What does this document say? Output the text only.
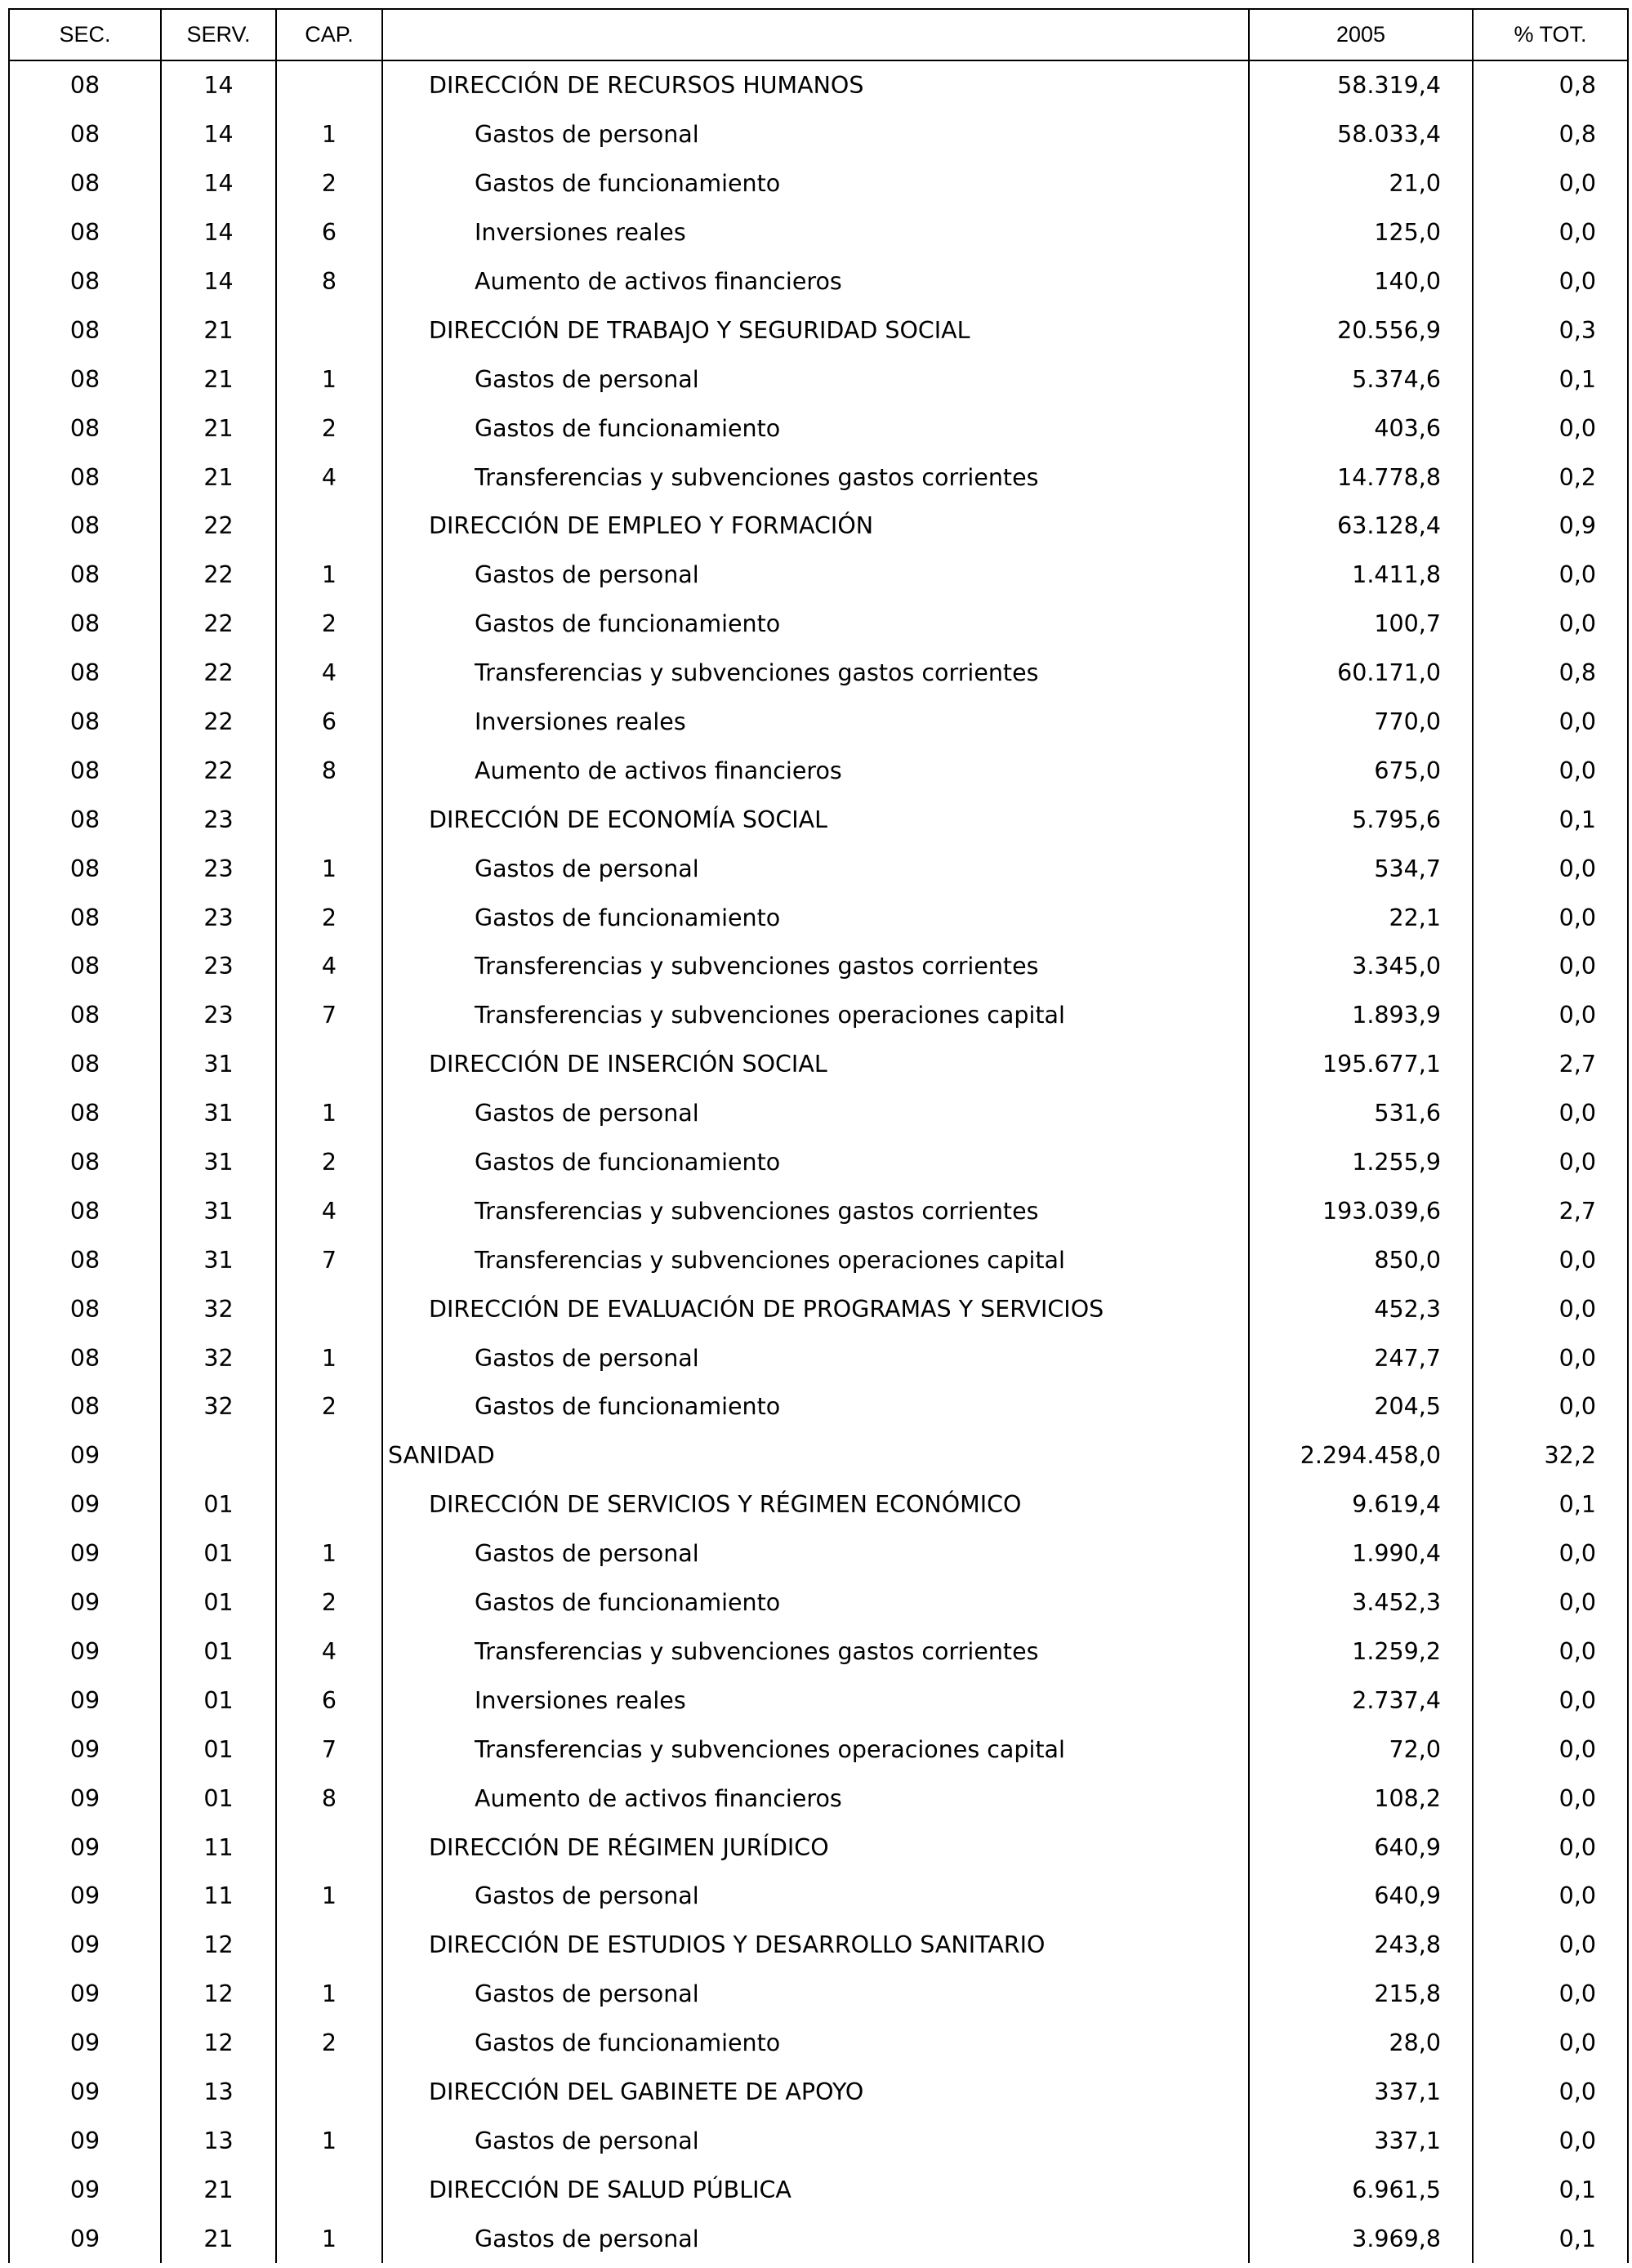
SEC.	SERV.	CAP.		2005	% TOT.
08	14		DIRECCIÓN DE RECURSOS HUMANOS	58.319,4	0,8
08	14	1	Gastos de personal	58.033,4	0,8
08	14	2	Gastos de funcionamiento	21,0	0,0
08	14	6	Inversiones reales	125,0	0,0
08	14	8	Aumento de activos financieros	140,0	0,0
08	21		DIRECCIÓN DE TRABAJO Y SEGURIDAD SOCIAL	20.556,9	0,3
08	21	1	Gastos de personal	5.374,6	0,1
08	21	2	Gastos de funcionamiento	403,6	0,0
08	21	4	Transferencias y subvenciones gastos corrientes	14.778,8	0,2
08	22		DIRECCIÓN DE EMPLEO Y FORMACIÓN	63.128,4	0,9
08	22	1	Gastos de personal	1.411,8	0,0
08	22	2	Gastos de funcionamiento	100,7	0,0
08	22	4	Transferencias y subvenciones gastos corrientes	60.171,0	0,8
08	22	6	Inversiones reales	770,0	0,0
08	22	8	Aumento de activos financieros	675,0	0,0
08	23		DIRECCIÓN DE ECONOMÍA SOCIAL	5.795,6	0,1
08	23	1	Gastos de personal	534,7	0,0
08	23	2	Gastos de funcionamiento	22,1	0,0
08	23	4	Transferencias y subvenciones gastos corrientes	3.345,0	0,0
08	23	7	Transferencias y subvenciones operaciones capital	1.893,9	0,0
08	31		DIRECCIÓN DE INSERCIÓN SOCIAL	195.677,1	2,7
08	31	1	Gastos de personal	531,6	0,0
08	31	2	Gastos de funcionamiento	1.255,9	0,0
08	31	4	Transferencias y subvenciones gastos corrientes	193.039,6	2,7
08	31	7	Transferencias y subvenciones operaciones capital	850,0	0,0
08	32		DIRECCIÓN DE EVALUACIÓN DE PROGRAMAS Y SERVICIOS	452,3	0,0
08	32	1	Gastos de personal	247,7	0,0
08	32	2	Gastos de funcionamiento	204,5	0,0
09			SANIDAD	2.294.458,0	32,2
09	01		DIRECCIÓN DE SERVICIOS Y RÉGIMEN ECONÓMICO	9.619,4	0,1
09	01	1	Gastos de personal	1.990,4	0,0
09	01	2	Gastos de funcionamiento	3.452,3	0,0
09	01	4	Transferencias y subvenciones gastos corrientes	1.259,2	0,0
09	01	6	Inversiones reales	2.737,4	0,0
09	01	7	Transferencias y subvenciones operaciones capital	72,0	0,0
09	01	8	Aumento de activos financieros	108,2	0,0
09	11		DIRECCIÓN DE RÉGIMEN JURÍDICO	640,9	0,0
09	11	1	Gastos de personal	640,9	0,0
09	12		DIRECCIÓN DE ESTUDIOS Y DESARROLLO SANITARIO	243,8	0,0
09	12	1	Gastos de personal	215,8	0,0
09	12	2	Gastos de funcionamiento	28,0	0,0
09	13		DIRECCIÓN DEL GABINETE DE APOYO	337,1	0,0
09	13	1	Gastos de personal	337,1	0,0
09	21		DIRECCIÓN DE SALUD PÚBLICA	6.961,5	0,1
09	21	1	Gastos de personal	3.969,8	0,1
